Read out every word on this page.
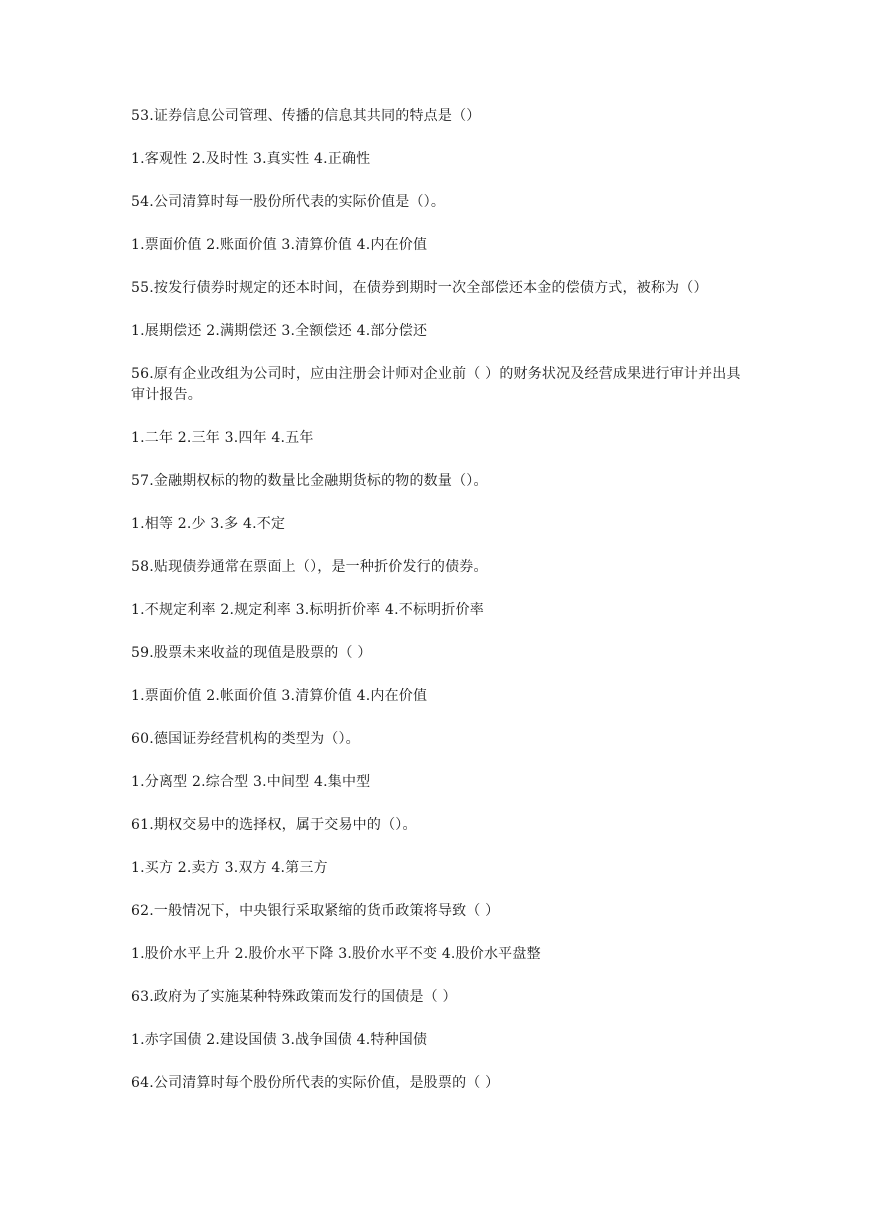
53.证券信息公司管理、传播的信息其共同的特点是（）

1.客观性 2.及时性 3.真实性 4.正确性

54.公司清算时每一股份所代表的实际价值是（）。

1.票面价值 2.账面价值 3.清算价值 4.内在价值

55.按发行债券时规定的还本时间，在债券到期时一次全部偿还本金的偿债方式，被称为（）

1.展期偿还 2.满期偿还 3.全额偿还 4.部分偿还

56.原有企业改组为公司时，应由注册会计师对企业前（ ）的财务状况及经营成果进行审计并出具审计报告。

1.二年 2.三年 3.四年 4.五年

57.金融期权标的物的数量比金融期货标的物的数量（）。

1.相等 2.少 3.多 4.不定

58.贴现债券通常在票面上（），是一种折价发行的债券。

1.不规定利率 2.规定利率 3.标明折价率 4.不标明折价率

59.股票未来收益的现值是股票的（ ）

1.票面价值 2.帐面价值 3.清算价值 4.内在价值

60.德国证券经营机构的类型为（）。

1.分离型 2.综合型 3.中间型 4.集中型

61.期权交易中的选择权，属于交易中的（）。

1.买方 2.卖方 3.双方 4.第三方

62.一般情况下，中央银行采取紧缩的货币政策将导致（ ）

1.股价水平上升 2.股价水平下降 3.股价水平不变 4.股价水平盘整

63.政府为了实施某种特殊政策而发行的国债是（ ）

1.赤字国债 2.建设国债 3.战争国债 4.特种国债

64.公司清算时每个股份所代表的实际价值，是股票的（ ）
